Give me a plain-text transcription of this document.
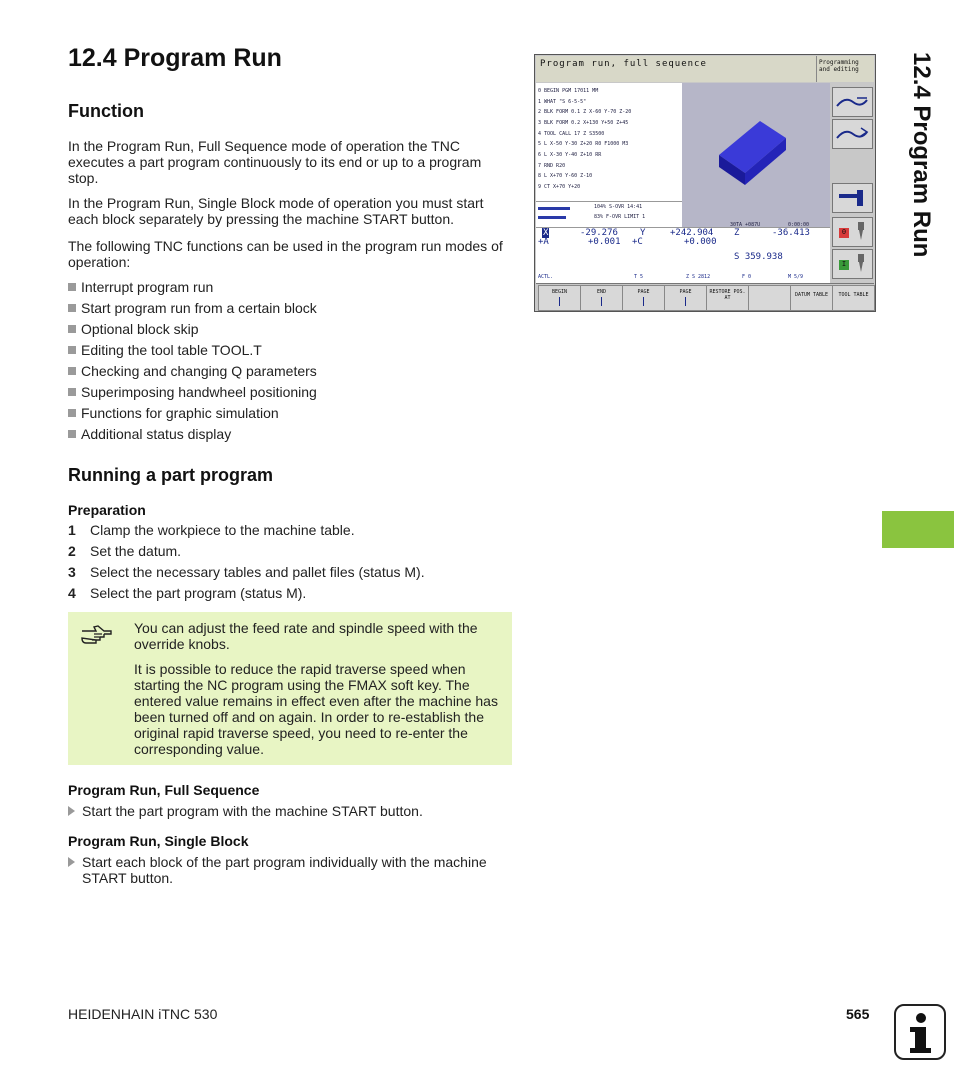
12.4 Program Run	12.4 Program Run
Function

In the Program Run, Full Sequence mode of operation the TNC executes a part program continuously to its end or up to a program stop.

In the Program Run, Single Block mode of operation you must start each block separately by pressing the machine START button.

The following TNC functions can be used in the program run modes of operation:

Interrupt program run
Start program run from a certain block
Optional block skip
Editing the tool table TOOL.T
Checking and changing Q parameters
Superimposing handwheel positioning
Functions for graphic simulation
Additional status display
Running a part program
Preparation
1 Clamp the workpiece to the machine table.
2 Set the datum.
3 Select the necessary tables and pallet files (status M).
4 Select the part program (status M).

You can adjust the feed rate and spindle speed with the override knobs.

It is possible to reduce the rapid traverse speed when starting the NC program using the FMAX soft key. The entered value remains in effect even after the machine has been turned off and on again. In order to re-establish the original rapid traverse speed, you need to re-enter the corresponding value.

Program Run, Full Sequence
Start the part program with the machine START button.
Program Run, Single Block
Start each block of the part program individually with the machine START button.
HEIDENHAIN iTNC 530	565
Program run, full sequence	Programming
and editing
0 BEGIN PGM 17011 MM
1 WHAT "S 6-5-5"
2 BLK FORM 0.1 Z X-60 Y-70 Z-20
3 BLK FORM 0.2 X+130 Y+50 Z+45
4 TOOL CALL 17 Z S3500
5 L X-50 Y-30 Z+20 R0 F1000 M3
6 L X-30 Y-40 Z+10 RR
7 RND R20
8 L X+70 Y-60 Z-10
9 CT X+70 Y+20
104% S-OVR 14:41
83% F-OVR LIMIT 1
30TA +087U	0:00:00
X	-29.276 Y	+242.904 Z	-36.413
+A	+0.001 +C	+0.000
S 359.938
ACTL.	T 5	Z S 2812	F 0	M 5/9
0
I
BEGIN	END	PAGE	PAGE	RESTORE POS. AT	DATUM TABLE	TOOL TABLE
